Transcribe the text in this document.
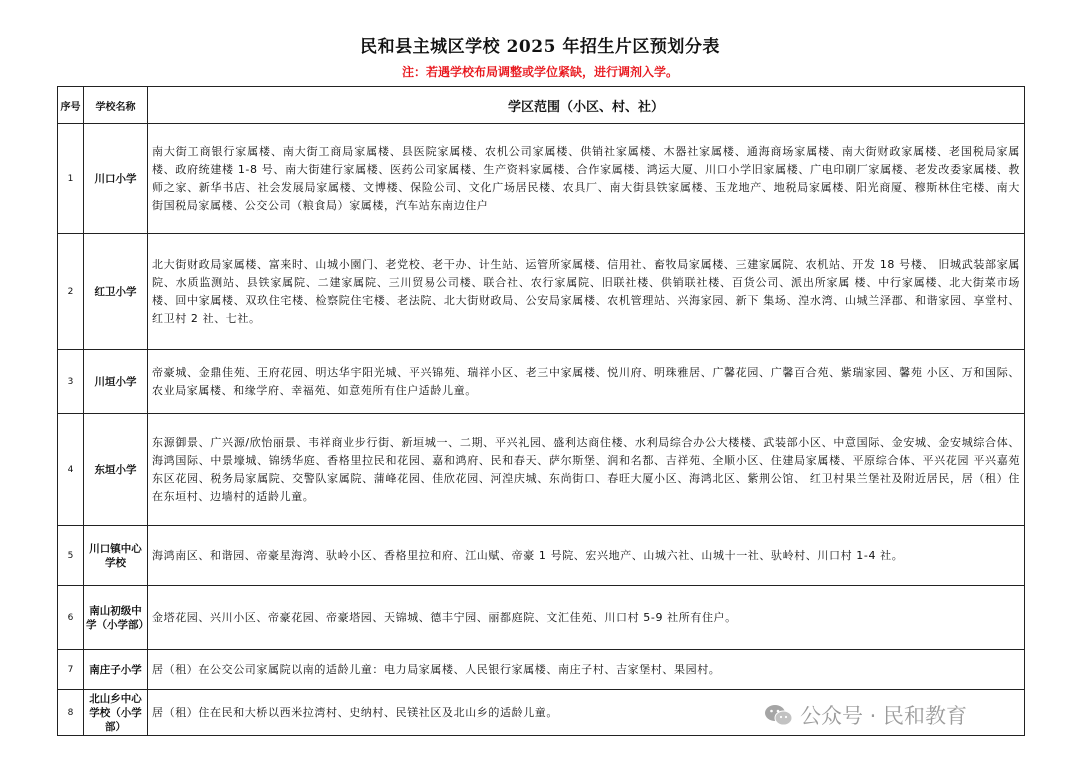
民和县主城区学校 2025 年招生片区预划分表
注：若遇学校布局调整或学位紧缺，进行调剂入学。
序号	学校名称	学区范围（小区、村、社）
1	川口小学	南大街工商银行家属楼、南大街工商局家属楼、县医院家属楼、农机公司家属楼、供销社家属楼、木器社家属楼、通海商场家属楼、南大街财政家属楼、老国税局家属楼、政府统建楼 1-8 号、南大街建行家属楼、医药公司家属楼、生产资料家属楼、合作家属楼、鸿运大厦、川口小学旧家属楼、广电印刷厂家属楼、老发改委家属楼、教师之家、新华书店、社会发展局家属楼、文博楼、保险公司、文化广场居民楼、农具厂、南大街县铁家属楼、玉龙地产、地税局家属楼、阳光商厦、穆斯林住宅楼、南大街国税局家属楼、公交公司（粮食局）家属楼，汽车站东南边住户
2	红卫小学	北大街财政局家属楼、富来时、山城小園门、老党校、老干办、计生站、运管所家属楼、信用社、畜牧局家属楼、三建家属院、农机站、开发 18 号楼、 旧城武装部家属院、水质监测站、县铁家属院、二建家属院、三川贸易公司楼、联合社、农行家属院、旧联社楼、供销联社楼、百货公司、派出所家属 楼、中行家属楼、北大街菜市场楼、回中家属楼、双玖住宅楼、检察院住宅楼、老法院、北大街财政局、公安局家属楼、农机管理站、兴海家园、新下 集场、湟水湾、山城兰泽郡、和谐家园、享堂村、红卫村 2 社、七社。
3	川垣小学	帝豪城、金鼎佳苑、王府花园、明达华宇阳光城、平兴锦苑、瑞祥小区、老三中家属楼、悦川府、明珠雅居、广馨花园、广馨百合苑、紫瑞家园、馨苑 小区、万和国际、农业局家属楼、和缘学府、幸福苑、如意苑所有住户适龄儿童。
4	东垣小学	东源御景、广兴源/欣怡丽景、韦祥商业步行街、新垣城一、二期、平兴礼园、盛利达商住楼、水利局综合办公大楼楼、武装部小区、中意国际、金安城、金安城综合体、海鸿国际、中景壕城、锦绣华庭、香格里拉民和花园、嘉和鸿府、民和春天、萨尔斯堡、润和名都、吉祥苑、全顺小区、住建局家属楼、平原综合体、平兴花园 平兴嘉苑东区花园、税务局家属院、交警队家属院、蒲峰花园、佳欣花园、河湟庆城、东尚街口、春旺大厦小区、海鸿北区、紫荆公馆、 红卫村果兰堡社及附近居民，居（租）住在东垣村、边墙村的适龄儿童。
5	川口镇中心学校	海鸿南区、和谐园、帝豪星海湾、驮岭小区、香格里拉和府、江山赋、帝豪 1 号院、宏兴地产、山城六社、山城十一社、驮岭村、川口村 1-4 社。
6	南山初级中学（小学部）	金塔花园、兴川小区、帝豪花园、帝豪塔园、天锦城、德丰宁园、丽都庭院、文汇佳苑、川口村 5-9 社所有住户。
7	南庄子小学	居（租）在公交公司家属院以南的适龄儿童：电力局家属楼、人民银行家属楼、南庄子村、吉家堡村、果园村。
8	北山乡中心学校（小学部）	居（租）住在民和大桥以西米拉湾村、史纳村、民镁社区及北山乡的适龄儿童。	公众号 · 民和教育
